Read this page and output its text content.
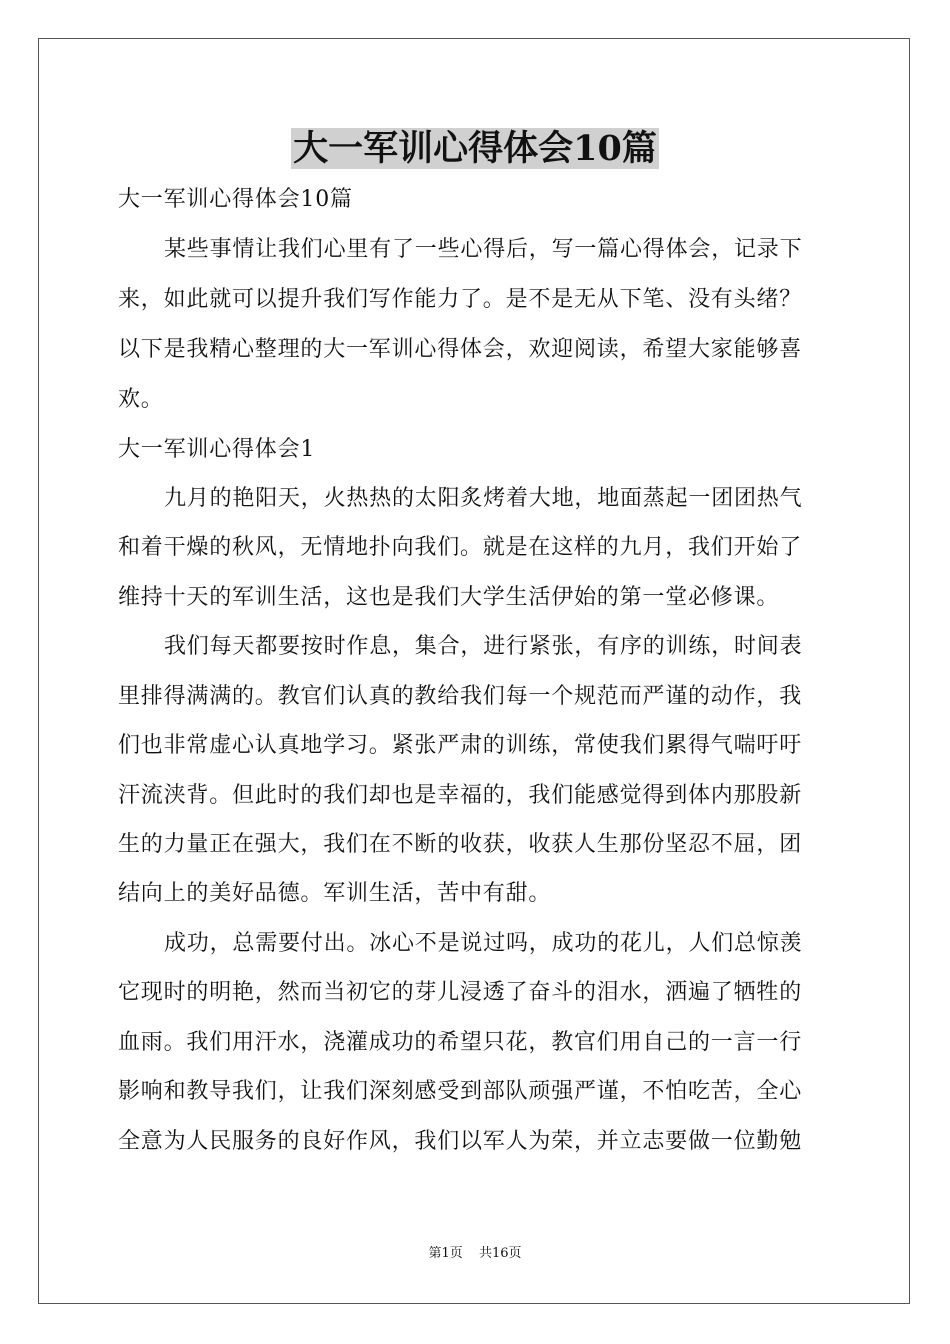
大一军训心得体会10篇

大一军训心得体会10篇

某些事情让我们心里有了一些心得后，写一篇心得体会，记录下

来，如此就可以提升我们写作能力了。是不是无从下笔、没有头绪？

以下是我精心整理的大一军训心得体会，欢迎阅读，希望大家能够喜

欢。

大一军训心得体会1

九月的艳阳天，火热热的太阳炙烤着大地，地面蒸起一团团热气

和着干燥的秋风，无情地扑向我们。就是在这样的九月，我们开始了

维持十天的军训生活，这也是我们大学生活伊始的第一堂必修课。

我们每天都要按时作息，集合，进行紧张，有序的训练，时间表

里排得满满的。教官们认真的教给我们每一个规范而严谨的动作，我

们也非常虚心认真地学习。紧张严肃的训练，常使我们累得气喘吁吁

汗流浃背。但此时的我们却也是幸福的，我们能感觉得到体内那股新

生的力量正在强大，我们在不断的收获，收获人生那份坚忍不屈，团

结向上的美好品德。军训生活，苦中有甜。

成功，总需要付出。冰心不是说过吗，成功的花儿，人们总惊羡

它现时的明艳，然而当初它的芽儿浸透了奋斗的泪水，洒遍了牺牲的

血雨。我们用汗水，浇灌成功的希望只花，教官们用自己的一言一行

影响和教导我们，让我们深刻感受到部队顽强严谨，不怕吃苦，全心

全意为人民服务的良好作风，我们以军人为荣，并立志要做一位勤勉

第1页 共16页
